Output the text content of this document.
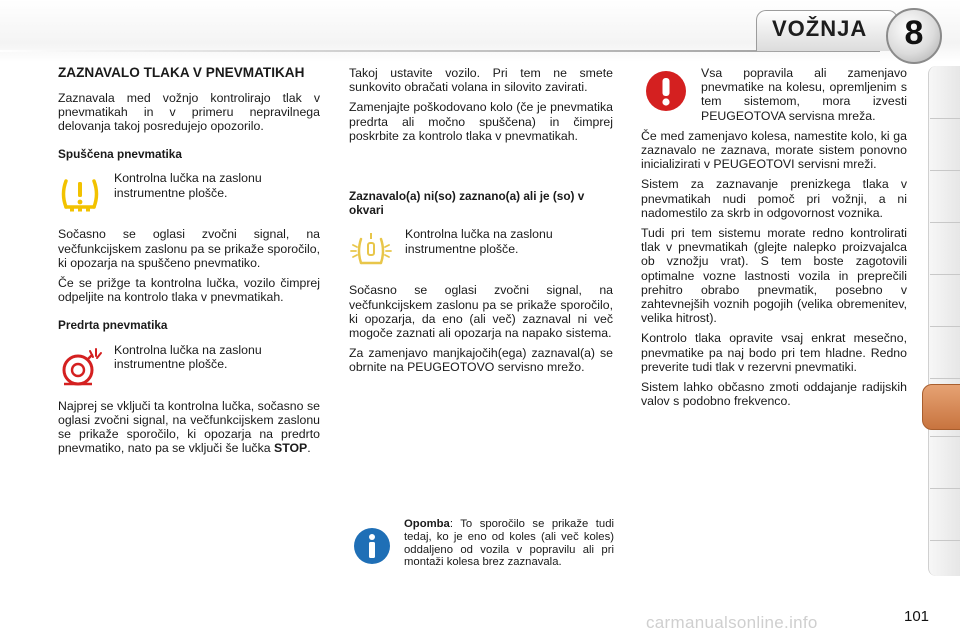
VOŽNJA	8
ZAZNAVALO TLAKA V PNEVMATIKAH

Zaznavala med vožnjo kontrolirajo tlak v pnevmatikah in v primeru nepravilnega delovanja takoj posredujejo opozorilo.

Spuščena pnevmatika
Kontrolna lučka na zaslonu instrumentne plošče.

Sočasno se oglasi zvočni signal, na večfunkcijskem zaslonu pa se prikaže sporočilo, ki opozarja na spuščeno pnevmatiko.

Če se prižge ta kontrolna lučka, vozilo čimprej odpeljite na kontrolo tlaka v pnevmatikah.

Predrta pnevmatika
Kontrolna lučka na zaslonu instrumentne plošče.

Najprej se vključi ta kontrolna lučka, sočasno se oglasi zvočni signal, na večfunkcijskem zaslonu se prikaže sporočilo, ki opozarja na predrto pnevmatiko, nato pa se vključi še lučka STOP.

Takoj ustavite vozilo. Pri tem ne smete sunkovito obračati volana in silovito zavirati.

Zamenjajte poškodovano kolo (če je pnevmatika predrta ali močno spuščena) in čimprej poskrbite za kontrolo tlaka v pnevmatikah.

Zaznavalo(a) ni(so) zaznano(a) ali je (so) v okvari
Kontrolna lučka na zaslonu instrumentne plošče.

Sočasno se oglasi zvočni signal, na večfunkcijskem zaslonu pa se prikaže sporočilo, ki opozarja, da eno (ali več) zaznaval ni več mogoče zaznati ali opozarja na napako sistema.

Za zamenjavo manjkajočih(ega) zaznaval(a) se obrnite na PEUGEOTOVO servisno mrežo.

Opomba: To sporočilo se prikaže tudi tedaj, ko je eno od koles (ali več koles) oddaljeno od vozila v popravilu ali pri montaži kolesa brez zaznavala.

Vsa popravila ali zamenjavo pnevmatike na kolesu, opremljenim s tem sistemom, mora izvesti PEUGEOTOVA servisna mreža.

Če med zamenjavo kolesa, namestite kolo, ki ga zaznavalo ne zaznava, morate sistem ponovno inicializirati v PEUGEOTOVI servisni mreži.

Sistem za zaznavanje prenizkega tlaka v pnevmatikah nudi pomoč pri vožnji, a ni nadomestilo za skrb in odgovornost voznika.

Tudi pri tem sistemu morate redno kontrolirati tlak v pnevmatikah (glejte nalepko proizvajalca ob vznožju vrat). S tem boste zagotovili optimalne vozne lastnosti vozila in preprečili prehitro obrabo pnevmatik, posebno v zahtevnejših voznih pogojih (velika obremenitev, velika hitrost).

Kontrolo tlaka opravite vsaj enkrat mesečno, pnevmatike pa naj bodo pri tem hladne. Redno preverite tudi tlak v rezervni pnevmatiki.

Sistem lahko občasno zmoti oddajanje radijskih valov s podobno frekvenco.

carmanualsonline.info	101
